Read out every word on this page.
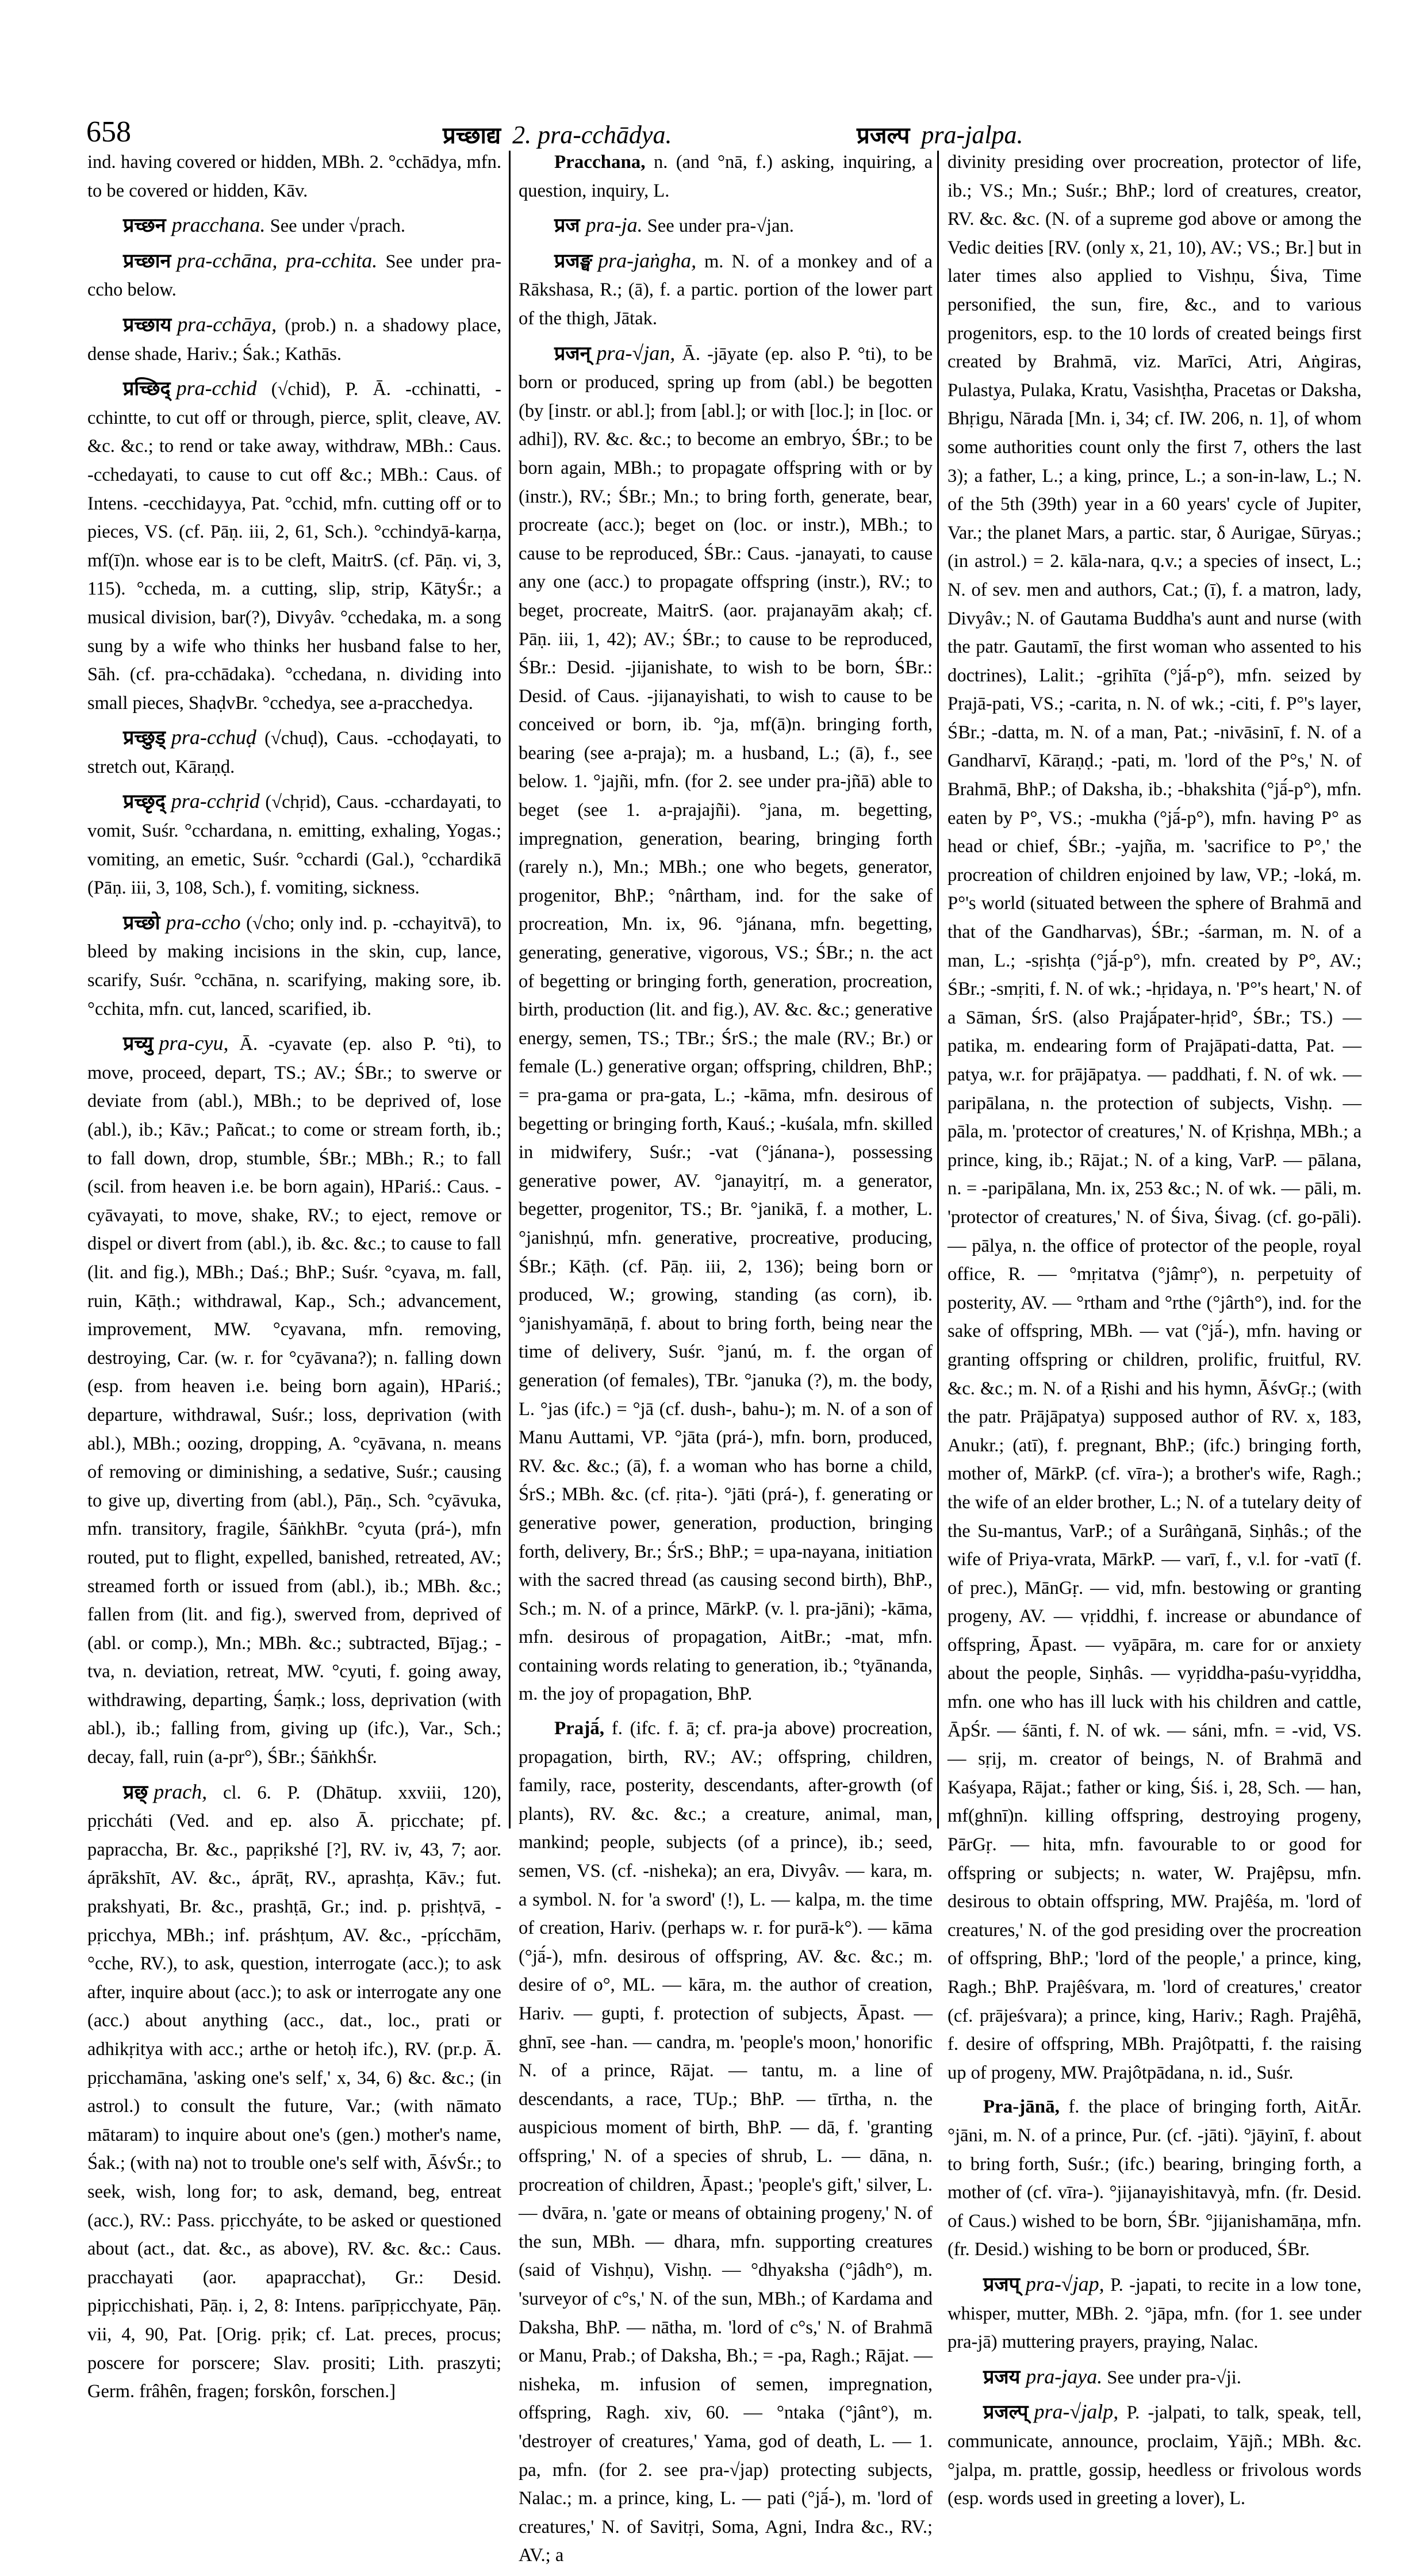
658	प्रच्छाद्य 2. pra-cchādya.	प्रजल्प pra-jalpa.

ind. having covered or hidden, MBh. 2. °cchādya, mfn. to be covered or hidden, Kāv.

प्रच्छन pracchana. See under √prach.

प्रच्छान pra-cchāna, pra-cchita. See under pra-ccho below.

प्रच्छाय pra-cchāya, (prob.) n. a shadowy place, dense shade, Hariv.; Śak.; Kathās.

प्रच्छिद् pra-cchid (√chid), P. Ā. -cchinatti, -cchintte, to cut off or through, pierce, split, cleave, AV. &c. &c.; to rend or take away, withdraw, MBh.: Caus. -cchedayati, to cause to cut off &c.; MBh.: Caus. of Intens. -cecchidayya, Pat. °cchid, mfn. cutting off or to pieces, VS. (cf. Pāṇ. iii, 2, 61, Sch.). °cchindyā-karṇa, mf(ī)n. whose ear is to be cleft, MaitrS. (cf. Pāṇ. vi, 3, 115). °ccheda, m. a cutting, slip, strip, KātyŚr.; a musical division, bar(?), Divyâv. °cchedaka, m. a song sung by a wife who thinks her husband false to her, Sāh. (cf. pra-cchādaka). °cchedana, n. dividing into small pieces, ShaḍvBr. °cchedya, see a-pracchedya.

प्रच्छुड् pra-cchuḍ (√chuḍ), Caus. -cchoḍayati, to stretch out, Kāraṇḍ.

प्रच्छृद् pra-cchṛid (√chṛid), Caus. -cchardayati, to vomit, Suśr. °cchardana, n. emitting, exhaling, Yogas.; vomiting, an emetic, Suśr. °cchardi (Gal.), °cchardikā (Pāṇ. iii, 3, 108, Sch.), f. vomiting, sickness.

प्रच्छो pra-ccho (√cho; only ind. p. -cchayitvā), to bleed by making incisions in the skin, cup, lance, scarify, Suśr. °cchāna, n. scarifying, making sore, ib. °cchita, mfn. cut, lanced, scarified, ib.

प्रच्यु pra-cyu, Ā. -cyavate (ep. also P. °ti), to move, proceed, depart, TS.; AV.; ŚBr.; to swerve or deviate from (abl.), MBh.; to be deprived of, lose (abl.), ib.; Kāv.; Pañcat.; to come or stream forth, ib.; to fall down, drop, stumble, ŚBr.; MBh.; R.; to fall (scil. from heaven i.e. be born again), HPariś.: Caus. -cyāvayati, to move, shake, RV.; to eject, remove or dispel or divert from (abl.), ib. &c. &c.; to cause to fall (lit. and fig.), MBh.; Daś.; BhP.; Suśr. °cyava, m. fall, ruin, Kāṭh.; withdrawal, Kap., Sch.; advancement, improvement, MW. °cyavana, mfn. removing, destroying, Car. (w. r. for °cyāvana?); n. falling down (esp. from heaven i.e. being born again), HPariś.; departure, withdrawal, Suśr.; loss, deprivation (with abl.), MBh.; oozing, dropping, A. °cyāvana, n. means of removing or diminishing, a sedative, Suśr.; causing to give up, diverting from (abl.), Pāṇ., Sch. °cyāvuka, mfn. transitory, fragile, ŚāṅkhBr. °cyuta (prá-), mfn routed, put to flight, expelled, banished, retreated, AV.; streamed forth or issued from (abl.), ib.; MBh. &c.; fallen from (lit. and fig.), swerved from, deprived of (abl. or comp.), Mn.; MBh. &c.; subtracted, Bījag.; -tva, n. deviation, retreat, MW. °cyuti, f. going away, withdrawing, departing, Śaṃk.; loss, deprivation (with abl.), ib.; falling from, giving up (ifc.), Var., Sch.; decay, fall, ruin (a-pr°), ŚBr.; ŚāṅkhŚr.

प्रछ् prach, cl. 6. P. (Dhātup. xxviii, 120), pṛiccháti (Ved. and ep. also Ā. pṛicchate; pf. papraccha, Br. &c., papṛikshé [?], RV. iv, 43, 7; aor. áprākshīt, AV. &c., áprāṭ, RV., aprashṭa, Kāv.; fut. prakshyati, Br. &c., prashṭā, Gr.; ind. p. pṛishṭvā, -pṛicchya, MBh.; inf. práshṭum, AV. &c., -pṛícchām, °cche, RV.), to ask, question, interrogate (acc.); to ask after, inquire about (acc.); to ask or interrogate any one (acc.) about anything (acc., dat., loc., prati or adhikṛitya with acc.; arthe or hetoḥ ifc.), RV. (pr.p. Ā. pṛicchamāna, 'asking one's self,' x, 34, 6) &c. &c.; (in astrol.) to consult the future, Var.; (with nāmato mātaram) to inquire about one's (gen.) mother's name, Śak.; (with na) not to trouble one's self with, ĀśvŚr.; to seek, wish, long for; to ask, demand, beg, entreat (acc.), RV.: Pass. pṛicchyáte, to be asked or questioned about (act., dat. &c., as above), RV. &c. &c.: Caus. pracchayati (aor. apapracchat), Gr.: Desid. pipṛicchishati, Pāṇ. i, 2, 8: Intens. parīpṛicchyate, Pāṇ. vii, 4, 90, Pat. [Orig. pṛik; cf. Lat. preces, procus; poscere for porscere; Slav. prositi; Lith. praszyti; Germ. frâhên, fragen; forskôn, forschen.]

Pracchana, n. (and °nā, f.) asking, inquiring, a question, inquiry, L.

प्रज pra-ja. See under pra-√jan.

प्रजङ्घ pra-jaṅgha, m. N. of a monkey and of a Rākshasa, R.; (ā), f. a partic. portion of the lower part of the thigh, Jātak.

प्रजन् pra-√jan, Ā. -jāyate (ep. also P. °ti), to be born or produced, spring up from (abl.) be begotten (by [instr. or abl.]; from [abl.]; or with [loc.]; in [loc. or adhi]), RV. &c. &c.; to become an embryo, ŚBr.; to be born again, MBh.; to propagate offspring with or by (instr.), RV.; ŚBr.; Mn.; to bring forth, generate, bear, procreate (acc.); beget on (loc. or instr.), MBh.; to cause to be reproduced, ŚBr.: Caus. -janayati, to cause any one (acc.) to propagate offspring (instr.), RV.; to beget, procreate, MaitrS. (aor. prajanayām akaḥ; cf. Pāṇ. iii, 1, 42); AV.; ŚBr.; to cause to be reproduced, ŚBr.: Desid. -jijanishate, to wish to be born, ŚBr.: Desid. of Caus. -jijanayishati, to wish to cause to be conceived or born, ib. °ja, mf(ā)n. bringing forth, bearing (see a-praja); m. a husband, L.; (ā), f., see below. 1. °jajñi, mfn. (for 2. see under pra-jñā) able to beget (see 1. a-prajajñi). °jana, m. begetting, impregnation, generation, bearing, bringing forth (rarely n.), Mn.; MBh.; one who begets, generator, progenitor, BhP.; °nârtham, ind. for the sake of procreation, Mn. ix, 96. °jánana, mfn. begetting, generating, generative, vigorous, VS.; ŚBr.; n. the act of begetting or bringing forth, generation, procreation, birth, production (lit. and fig.), AV. &c. &c.; generative energy, semen, TS.; TBr.; ŚrS.; the male (RV.; Br.) or female (L.) generative organ; offspring, children, BhP.; = pra-gama or pra-gata, L.; -kāma, mfn. desirous of begetting or bringing forth, Kauś.; -kuśala, mfn. skilled in midwifery, Suśr.; -vat (°jánana-), possessing generative power, AV. °janayitṛí, m. a generator, begetter, progenitor, TS.; Br. °janikā, f. a mother, L. °janishṇú, mfn. generative, procreative, producing, ŚBr.; Kāṭh. (cf. Pāṇ. iii, 2, 136); being born or produced, W.; growing, standing (as corn), ib. °janishyamāṇā, f. about to bring forth, being near the time of delivery, Suśr. °janú, m. f. the organ of generation (of females), TBr. °januka (?), m. the body, L. °jas (ifc.) = °jā (cf. dush-, bahu-); m. N. of a son of Manu Auttami, VP. °jāta (prá-), mfn. born, produced, RV. &c. &c.; (ā), f. a woman who has borne a child, ŚrS.; MBh. &c. (cf. ṛita-). °jāti (prá-), f. generating or generative power, generation, production, bringing forth, delivery, Br.; ŚrS.; BhP.; = upa-nayana, initiation with the sacred thread (as causing second birth), BhP., Sch.; m. N. of a prince, MārkP. (v. l. pra-jāni); -kāma, mfn. desirous of propagation, AitBr.; -mat, mfn. containing words relating to generation, ib.; °tyānanda, m. the joy of propagation, BhP.

Prajā́, f. (ifc. f. ā; cf. pra-ja above) procreation, propagation, birth, RV.; AV.; offspring, children, family, race, posterity, descendants, after-growth (of plants), RV. &c. &c.; a creature, animal, man, mankind; people, subjects (of a prince), ib.; seed, semen, VS. (cf. -nisheka); an era, Divyâv. — kara, m. a symbol. N. for 'a sword' (!), L. — kalpa, m. the time of creation, Hariv. (perhaps w. r. for purā-k°). — kāma (°jā́-), mfn. desirous of offspring, AV. &c. &c.; m. desire of o°, ML. — kāra, m. the author of creation, Hariv. — gupti, f. protection of subjects, Āpast. — ghnī, see -han. — candra, m. 'people's moon,' honorific N. of a prince, Rājat. — tantu, m. a line of descendants, a race, TUp.; BhP. — tīrtha, n. the auspicious moment of birth, BhP. — dā, f. 'granting offspring,' N. of a species of shrub, L. — dāna, n. procreation of children, Āpast.; 'people's gift,' silver, L. — dvāra, n. 'gate or means of obtaining progeny,' N. of the sun, MBh. — dhara, mfn. supporting creatures (said of Vishṇu), Vishṇ. — °dhyaksha (°jâdh°), m. 'surveyor of c°s,' N. of the sun, MBh.; of Kardama and Daksha, BhP. — nātha, m. 'lord of c°s,' N. of Brahmā or Manu, Prab.; of Daksha, Bh.; = -pa, Ragh.; Rājat. — nisheka, m. infusion of semen, impregnation, offspring, Ragh. xiv, 60. — °ntaka (°jânt°), m. 'destroyer of creatures,' Yama, god of death, L. — 1. pa, mfn. (for 2. see pra-√jap) protecting subjects, Nalac.; m. a prince, king, L. — pati (°jā́-), m. 'lord of creatures,' N. of Savitṛi, Soma, Agni, Indra &c., RV.; AV.; a

divinity presiding over procreation, protector of life, ib.; VS.; Mn.; Suśr.; BhP.; lord of creatures, creator, RV. &c. &c. (N. of a supreme god above or among the Vedic deities [RV. (only x, 21, 10), AV.; VS.; Br.] but in later times also applied to Vishṇu, Śiva, Time personified, the sun, fire, &c., and to various progenitors, esp. to the 10 lords of created beings first created by Brahmā, viz. Marīci, Atri, Aṅgiras, Pulastya, Pulaka, Kratu, Vasishṭha, Pracetas or Daksha, Bhṛigu, Nārada [Mn. i, 34; cf. IW. 206, n. 1], of whom some authorities count only the first 7, others the last 3); a father, L.; a king, prince, L.; a son-in-law, L.; N. of the 5th (39th) year in a 60 years' cycle of Jupiter, Var.; the planet Mars, a partic. star, δ Aurigae, Sūryas.; (in astrol.) = 2. kāla-nara, q.v.; a species of insect, L.; N. of sev. men and authors, Cat.; (ī), f. a matron, lady, Divyâv.; N. of Gautama Buddha's aunt and nurse (with the patr. Gautamī, the first woman who assented to his doctrines), Lalit.; -gṛihīta (°jā́-p°), mfn. seized by Prajā-pati, VS.; -carita, n. N. of wk.; -citi, f. P°'s layer, ŚBr.; -datta, m. N. of a man, Pat.; -nivāsinī, f. N. of a Gandharvī, Kāraṇḍ.; -pati, m. 'lord of the P°s,' N. of Brahmā, BhP.; of Daksha, ib.; -bhakshita (°jā́-p°), mfn. eaten by P°, VS.; -mukha (°jā́-p°), mfn. having P° as head or chief, ŚBr.; -yajña, m. 'sacrifice to P°,' the procreation of children enjoined by law, VP.; -loká, m. P°'s world (situated between the sphere of Brahmā and that of the Gandharvas), ŚBr.; -śarman, m. N. of a man, L.; -sṛishṭa (°jā́-p°), mfn. created by P°, AV.; ŚBr.; -smṛiti, f. N. of wk.; -hṛidaya, n. 'P°'s heart,' N. of a Sāman, ŚrS. (also Prajā́pater-hṛid°, ŚBr.; TS.) — patika, m. endearing form of Prajāpati-datta, Pat. — patya, w.r. for prājāpatya. — paddhati, f. N. of wk. — paripālana, n. the protection of subjects, Vishṇ. — pāla, m. 'protector of creatures,' N. of Kṛishṇa, MBh.; a prince, king, ib.; Rājat.; N. of a king, VarP. — pālana, n. = -paripālana, Mn. ix, 253 &c.; N. of wk. — pāli, m. 'protector of creatures,' N. of Śiva, Śivag. (cf. go-pāli). — pālya, n. the office of protector of the people, royal office, R. — °mṛitatva (°jâmṛ°), n. perpetuity of posterity, AV. — °rtham and °rthe (°jârth°), ind. for the sake of offspring, MBh. — vat (°jā́-), mfn. having or granting offspring or children, prolific, fruitful, RV. &c. &c.; m. N. of a Ṛishi and his hymn, ĀśvGṛ.; (with the patr. Prājāpatya) supposed author of RV. x, 183, Anukr.; (atī), f. pregnant, BhP.; (ifc.) bringing forth, mother of, MārkP. (cf. vīra-); a brother's wife, Ragh.; the wife of an elder brother, L.; N. of a tutelary deity of the Su-mantus, VarP.; of a Surâṅganā, Siṇhâs.; of the wife of Priya-vrata, MārkP. — varī, f., v.l. for -vatī (f. of prec.), MānGṛ. — vid, mfn. bestowing or granting progeny, AV. — vṛiddhi, f. increase or abundance of offspring, Āpast. — vyāpāra, m. care for or anxiety about the people, Siṇhâs. — vyṛiddha-paśu-vyṛiddha, mfn. one who has ill luck with his children and cattle, ĀpŚr. — śānti, f. N. of wk. — sáni, mfn. = -vid, VS. — sṛij, m. creator of beings, N. of Brahmā and Kaśyapa, Rājat.; father or king, Śiś. i, 28, Sch. — han, mf(ghnī)n. killing offspring, destroying progeny, PārGṛ. — hita, mfn. favourable to or good for offspring or subjects; n. water, W. Prajêpsu, mfn. desirous to obtain offspring, MW. Prajêśa, m. 'lord of creatures,' N. of the god presiding over the procreation of offspring, BhP.; 'lord of the people,' a prince, king, Ragh.; BhP. Prajêśvara, m. 'lord of creatures,' creator (cf. prājeśvara); a prince, king, Hariv.; Ragh. Prajêhā, f. desire of offspring, MBh. Prajôtpatti, f. the raising up of progeny, MW. Prajôtpādana, n. id., Suśr.

Pra-jānā, f. the place of bringing forth, AitĀr. °jāni, m. N. of a prince, Pur. (cf. -jāti). °jāyinī, f. about to bring forth, Suśr.; (ifc.) bearing, bringing forth, a mother of (cf. vīra-). °jijanayishitavyà, mfn. (fr. Desid. of Caus.) wished to be born, ŚBr. °jijanishamāṇa, mfn. (fr. Desid.) wishing to be born or produced, ŚBr.

प्रजप् pra-√jap, P. -japati, to recite in a low tone, whisper, mutter, MBh. 2. °jāpa, mfn. (for 1. see under pra-jā) muttering prayers, praying, Nalac.

प्रजय pra-jaya. See under pra-√ji.

प्रजल्प् pra-√jalp, P. -jalpati, to talk, speak, tell, communicate, announce, proclaim, Yājñ.; MBh. &c. °jalpa, m. prattle, gossip, heedless or frivolous words (esp. words used in greeting a lover), L.
